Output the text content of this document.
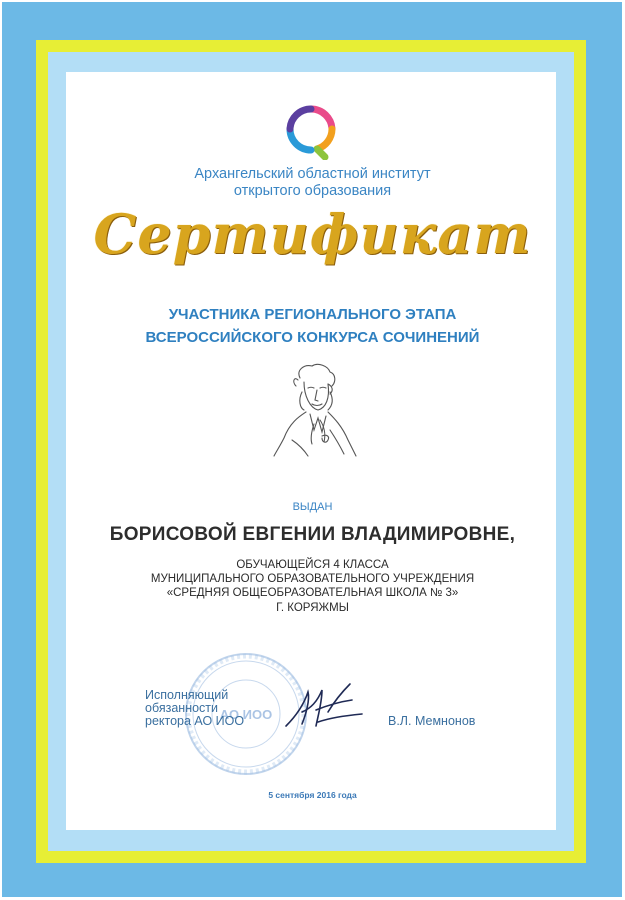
Архангельский областной институт
открытого образования
Сертификат
УЧАСТНИКА РЕГИОНАЛЬНОГО ЭТАПА
ВСЕРОССИЙСКОГО КОНКУРСА СОЧИНЕНИЙ
ВЫДАН
БОРИСОВОЙ ЕВГЕНИИ ВЛАДИМИРОВНЕ,
ОБУЧАЮЩЕЙСЯ 4 КЛАССА
МУНИЦИПАЛЬНОГО ОБРАЗОВАТЕЛЬНОГО УЧРЕЖДЕНИЯ
«СРЕДНЯЯ ОБЩЕОБРАЗОВАТЕЛЬНАЯ ШКОЛА № 3»
Г. КОРЯЖМЫ
АО ИОО
Исполняющий
обязанности
ректора АО ИОО	В.Л. Мемнонов
5 сентября 2016 года
